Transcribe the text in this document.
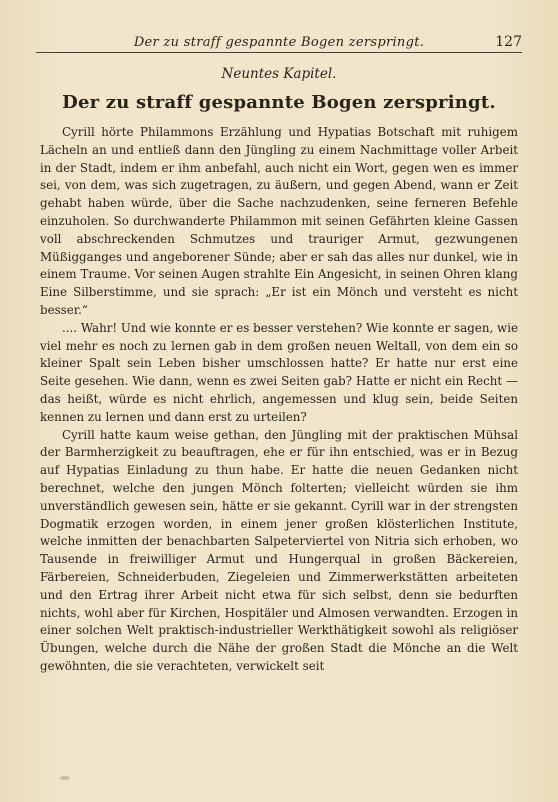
Der zu straff gespannte Bogen zerspringt.	127
Neuntes Kapitel.
Der zu straff gespannte Bogen zerspringt.

Cyrill hörte Philammons Erzählung und Hypatias Botschaft mit ruhigem Lächeln an und entließ dann den Jüngling zu einem Nachmittage voller Arbeit in der Stadt, indem er ihm anbefahl, auch nicht ein Wort, gegen wen es immer sei, von dem, was sich zugetragen, zu äußern, und gegen Abend, wann er Zeit gehabt haben würde, über die Sache nachzudenken, seine ferneren Befehle einzuholen. So durchwanderte Philammon mit seinen Gefährten kleine Gassen voll abschreckenden Schmutzes und trauriger Armut, gezwungenen Müßigganges und angeborener Sünde; aber er sah das alles nur dunkel, wie in einem Traume. Vor seinen Augen strahlte Ein Angesicht, in seinen Ohren klang Eine Silberstimme, und sie sprach: „Er ist ein Mönch und versteht es nicht besser.“

.... Wahr! Und wie konnte er es besser verstehen? Wie konnte er sagen, wie viel mehr es noch zu lernen gab in dem großen neuen Weltall, von dem ein so kleiner Spalt sein Leben bisher umschlossen hatte? Er hatte nur erst eine Seite gesehen. Wie dann, wenn es zwei Seiten gab? Hatte er nicht ein Recht — das heißt, würde es nicht ehrlich, angemessen und klug sein, beide Seiten kennen zu lernen und dann erst zu urteilen?

Cyrill hatte kaum weise gethan, den Jüngling mit der praktischen Mühsal der Barmherzigkeit zu beauftragen, ehe er für ihn entschied, was er in Bezug auf Hypatias Einladung zu thun habe. Er hatte die neuen Gedanken nicht berechnet, welche den jungen Mönch folterten; vielleicht würden sie ihm unverständlich gewesen sein, hätte er sie gekannt. Cyrill war in der strengsten Dogmatik erzogen worden, in einem jener großen klösterlichen Institute, welche inmitten der benachbarten Salpeterviertel von Nitria sich erhoben, wo Tausende in freiwilliger Armut und Hungerqual in großen Bäckereien, Färbereien, Schneiderbuden, Ziegeleien und Zimmerwerkstätten arbeiteten und den Ertrag ihrer Arbeit nicht etwa für sich selbst, denn sie bedurften nichts, wohl aber für Kirchen, Hospitäler und Almosen verwandten. Erzogen in einer solchen Welt praktisch-industrieller Werkthätigkeit sowohl als religiöser Übungen, welche durch die Nähe der großen Stadt die Mönche an die Welt gewöhnten, die sie verachteten, verwickelt seit
